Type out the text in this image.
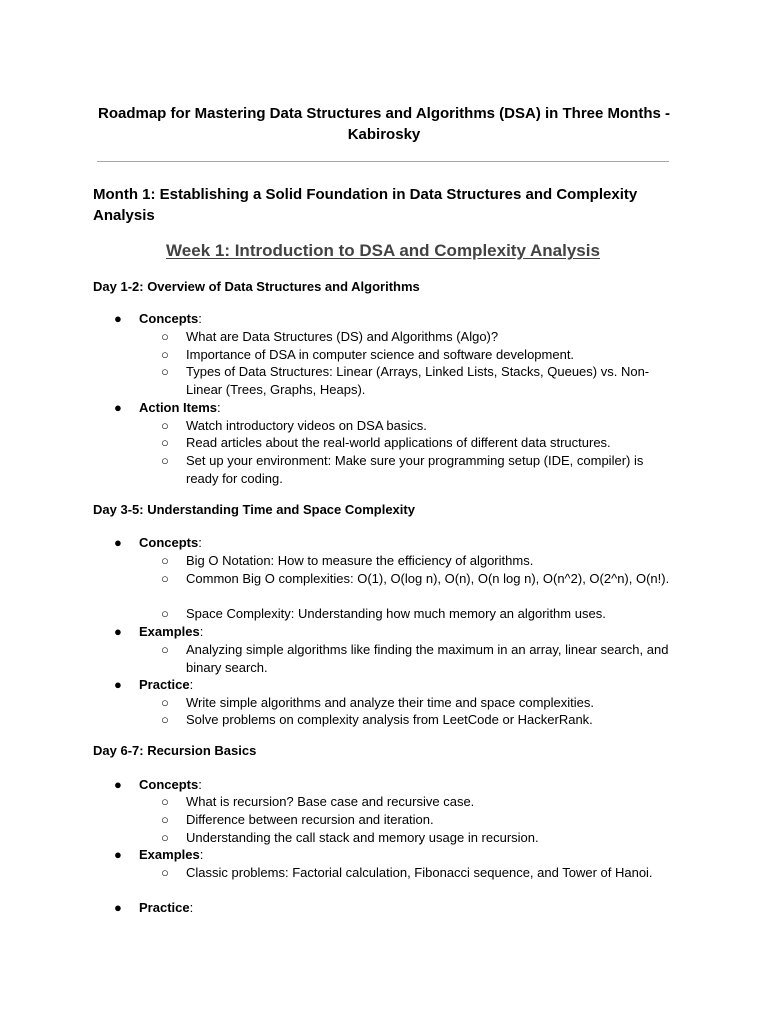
Roadmap for Mastering Data Structures and Algorithms (DSA) in Three Months - Kabirosky
Month 1: Establishing a Solid Foundation in Data Structures and Complexity Analysis
Week 1: Introduction to DSA and Complexity Analysis
Day 1-2: Overview of Data Structures and Algorithms
● Concepts:
○ What are Data Structures (DS) and Algorithms (Algo)?
○ Importance of DSA in computer science and software development.
○ Types of Data Structures: Linear (Arrays, Linked Lists, Stacks, Queues) vs. Non-Linear (Trees, Graphs, Heaps).
● Action Items:
○ Watch introductory videos on DSA basics.
○ Read articles about the real-world applications of different data structures.
○ Set up your environment: Make sure your programming setup (IDE, compiler) is ready for coding.
Day 3-5: Understanding Time and Space Complexity
● Concepts:
○ Big O Notation: How to measure the efficiency of algorithms.
○ Common Big O complexities: O(1), O(log n), O(n), O(n log n), O(n^2), O(2^n), O(n!).
○ Space Complexity: Understanding how much memory an algorithm uses.
● Examples:
○ Analyzing simple algorithms like finding the maximum in an array, linear search, and binary search.
● Practice:
○ Write simple algorithms and analyze their time and space complexities.
○ Solve problems on complexity analysis from LeetCode or HackerRank.
Day 6-7: Recursion Basics
● Concepts:
○ What is recursion? Base case and recursive case.
○ Difference between recursion and iteration.
○ Understanding the call stack and memory usage in recursion.
● Examples:
○ Classic problems: Factorial calculation, Fibonacci sequence, and Tower of Hanoi.
● Practice:
